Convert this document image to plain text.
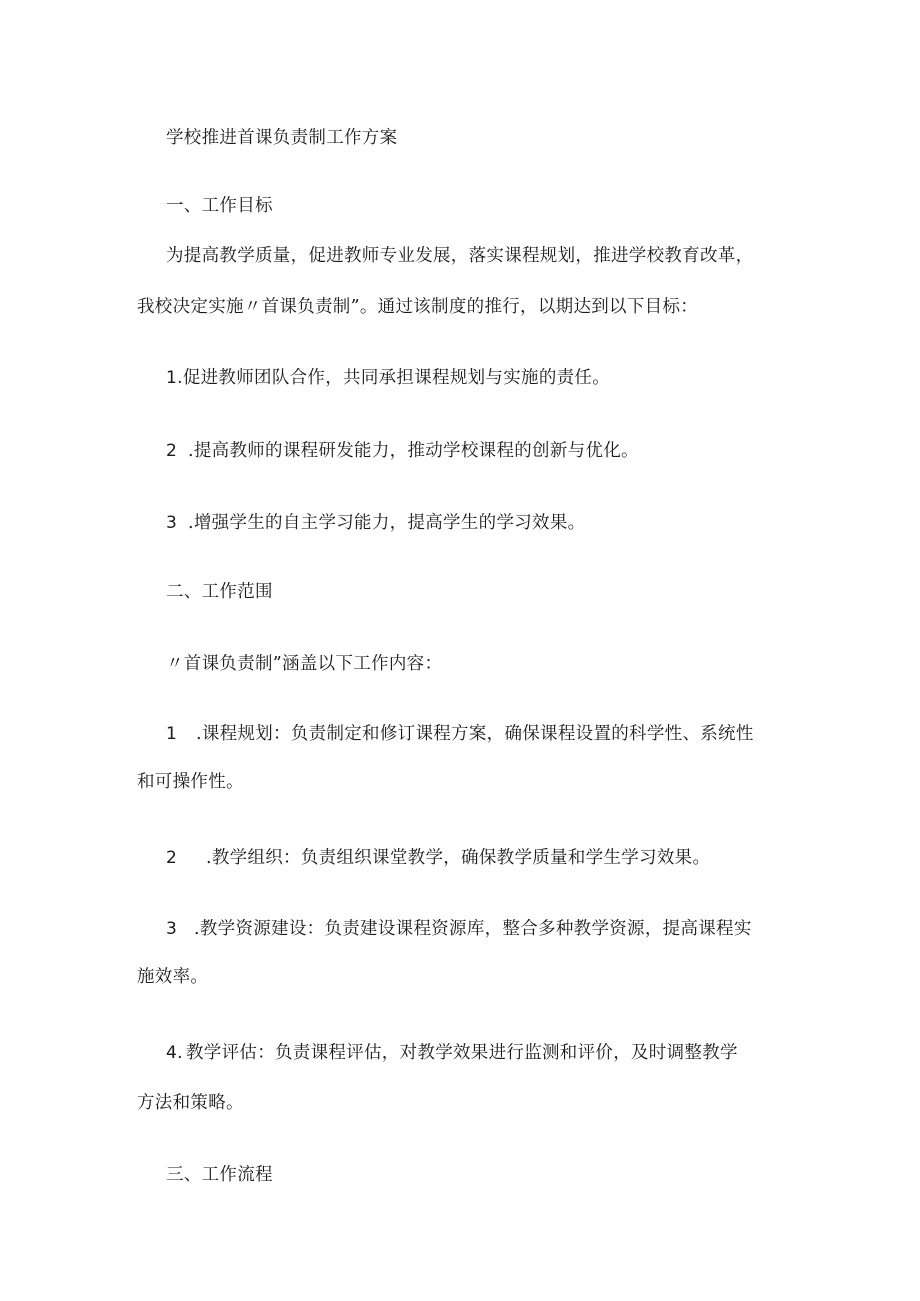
学校推进首课负责制工作方案
一、工作目标
为提高教学质量，促进教师专业发展，落实课程规划，推进学校教育改革，
我校决定实施〃首课负责制”。通过该制度的推行，以期达到以下目标：
1.促进教师团队合作，共同承担课程规划与实施的责任。
2 .提高教师的课程研发能力，推动学校课程的创新与优化。
3 .增强学生的自主学习能力，提高学生的学习效果。
二、工作范围
〃首课负责制”涵盖以下工作内容：
1 .课程规划：负责制定和修订课程方案，确保课程设置的科学性、系统性
和可操作性。
2 .教学组织：负责组织课堂教学，确保教学质量和学生学习效果。
3 .教学资源建设：负责建设课程资源库，整合多种教学资源，提高课程实
施效率。
4. 教学评估：负责课程评估，对教学效果进行监测和评价，及时调整教学
方法和策略。
三、工作流程
